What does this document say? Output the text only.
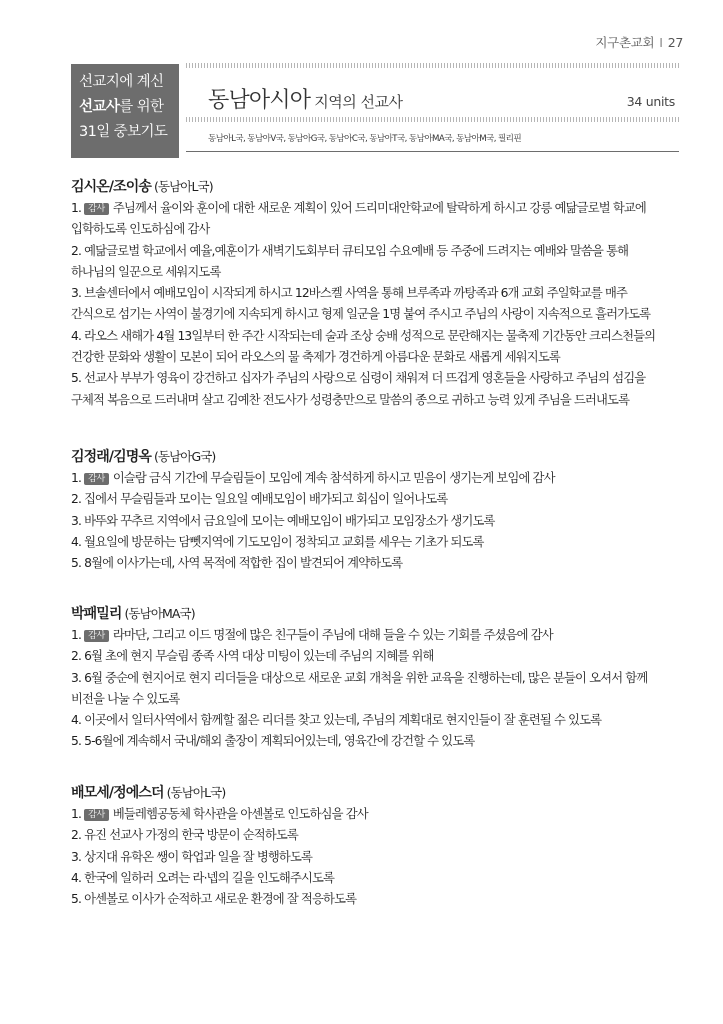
지구촌교회 I 27
선교지에 계신
선교사를 위한
31일 중보기도
동남아시아 지역의 선교사	34 units
동남아L국, 동남아V국, 동남아G국, 동남아C국, 동남아T국, 동남아MA국, 동남아M국, 필리핀
김시온/조이송 (동남아L국)
1. 감사 주님께서 율이와 훈이에 대한 새로운 계획이 있어 드리미대안학교에 탈락하게 하시고 강릉 예닮글로벌 학교에
입학하도록 인도하심에 감사
2. 예닮글로벌 학교에서 예율,예훈이가 새벽기도회부터 큐티모임 수요예배 등 주중에 드려지는 예배와 말씀을 통해
하나님의 일꾼으로 세워지도록
3. 브솔센터에서 예배모임이 시작되게 하시고 12바스켈 사역을 통해 브루족과 까탕족과 6개 교회 주일학교를 매주
간식으로 섬기는 사역이 불경기에 지속되게 하시고 형제 일군을 1명 붙여 주시고 주님의 사랑이 지속적으로 흘러가도록
4. 라오스 새해가 4월 13일부터 한 주간 시작되는데 술과 조상 숭배 성적으로 문란해지는 물축제 기간동안 크리스천들의
건강한 문화와 생활이 모본이 되어 라오스의 물 축제가 경건하게 아름다운 문화로 새롭게 세워지도록
5. 선교사 부부가 영육이 강건하고 십자가 주님의 사랑으로 심령이 채워져 더 뜨겁게 영혼들을 사랑하고 주님의 섬김을
구체적 복음으로 드러내며 살고 김예찬 전도사가 성령충만으로 말씀의 종으로 귀하고 능력 있게 주님을 드러내도록
김정래/김명옥 (동남아G국)
1. 감사 이슬람 금식 기간에 무슬림들이 모임에 계속 참석하게 하시고 믿음이 생기는게 보임에 감사
2. 집에서 무슬림들과 모이는 일요일 예배모임이 배가되고 회심이 일어나도록
3. 바뚜와 꾸추르 지역에서 금요일에 모이는 예배모임이 배가되고 모임장소가 생기도록
4. 월요일에 방문하는 담뻿지역에 기도모임이 정착되고 교회를 세우는 기초가 되도록
5. 8월에 이사가는데, 사역 목적에 적합한 집이 발견되어 계약하도록
박패밀리 (동남아MA국)
1. 감사 라마단, 그리고 이드 명절에 많은 친구들이 주님에 대해 들을 수 있는 기회를 주셨음에 감사
2. 6월 초에 현지 무슬림 종족 사역 대상 미팅이 있는데 주님의 지혜를 위해
3. 6월 중순에 현지어로 현지 리더들을 대상으로 새로운 교회 개척을 위한 교육을 진행하는데, 많은 분들이 오셔서 함께
비전을 나눌 수 있도록
4. 이곳에서 일터사역에서 함께할 젊은 리더를 찾고 있는데, 주님의 계획대로 현지인들이 잘 훈련될 수 있도록
5. 5-6월에 계속해서 국내/해외 출장이 계획되어있는데, 영육간에 강건할 수 있도록
배모세/정에스더 (동남아L국)
1. 감사 베들레헴공동체 학사관을 아센볼로 인도하심을 감사
2. 유진 선교사 가정의 한국 방문이 순적하도록
3. 상지대 유학온 쌩이 학업과 일을 잘 병행하도록
4. 한국에 일하러 오려는 라·넵의 길을 인도해주시도록
5. 아센볼로 이사가 순적하고 새로운 환경에 잘 적응하도록
